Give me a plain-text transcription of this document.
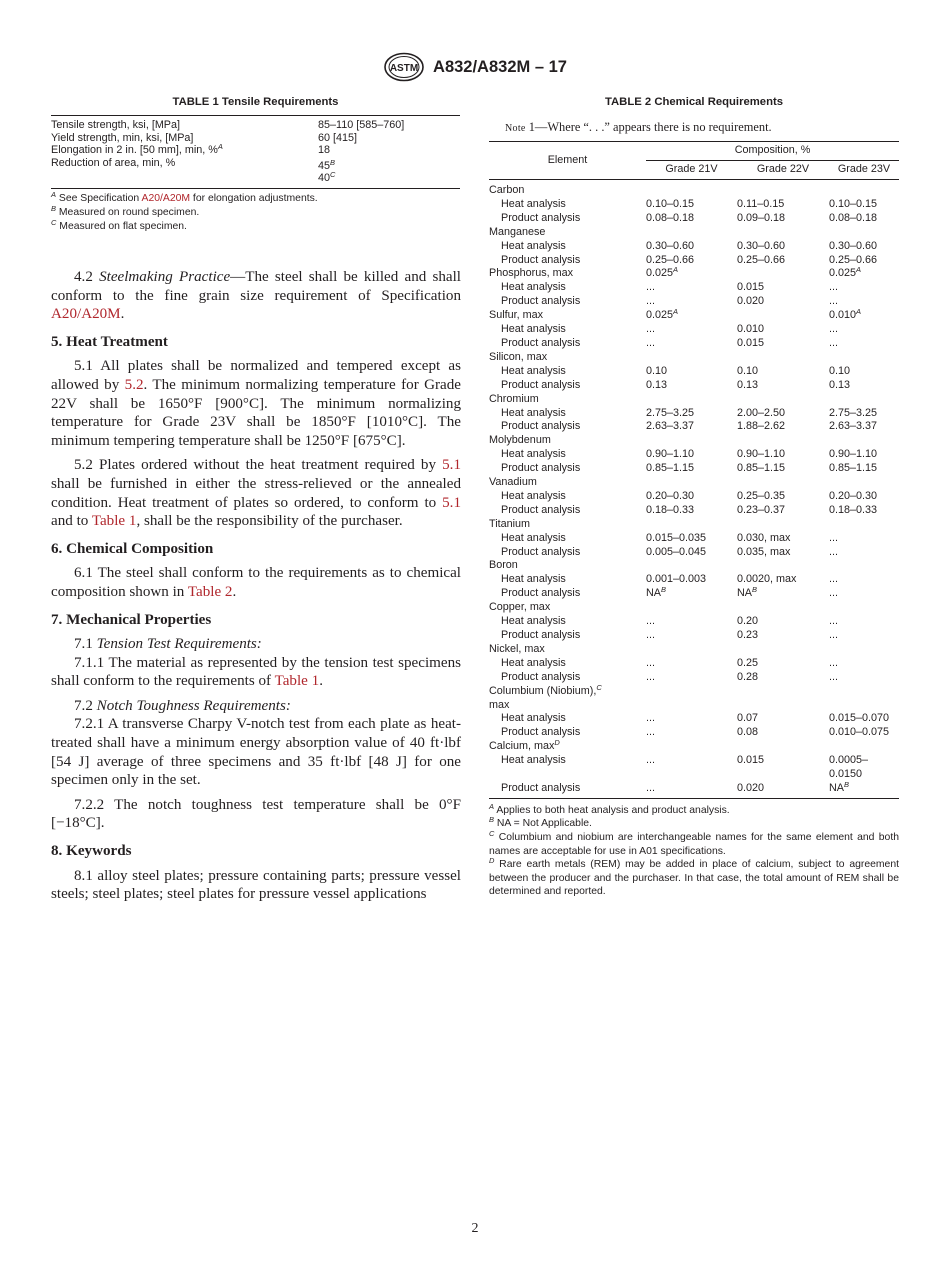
ASTM A832/A832M – 17
TABLE 1 Tensile Requirements
Tensile strength, ksi, [MPa]	85–110 [585–760]
Yield strength, min, ksi, [MPa]	60 [415]
Elongation in 2 in. [50 mm], min, %$^A$	18
Reduction of area, min, %	$45^B$
$40^C$
$^A$ See Specification A20/A20M for elongation adjustments.
$^B$ Measured on round specimen.
$^C$ Measured on flat specimen.

4.2 Steelmaking Practice—The steel shall be killed and shall conform to the fine grain size requirement of Specification A20/A20M.

5. Heat Treatment

5.1 All plates shall be normalized and tempered except as allowed by 5.2. The minimum normalizing temperature for Grade 22V shall be 1650°F [900°C]. The minimum normalizing temperature for Grade 23V shall be 1850°F [1010°C]. The minimum tempering temperature shall be 1250°F [675°C].

5.2 Plates ordered without the heat treatment required by 5.1 shall be furnished in either the stress-relieved or the annealed condition. Heat treatment of plates so ordered, to conform to 5.1 and to Table 1, shall be the responsibility of the purchaser.

6. Chemical Composition

6.1 The steel shall conform to the requirements as to chemical composition shown in Table 2.

7. Mechanical Properties

7.1 Tension Test Requirements:

7.1.1 The material as represented by the tension test specimens shall conform to the requirements of Table 1.

7.2 Notch Toughness Requirements:

7.2.1 A transverse Charpy V-notch test from each plate as heat-treated shall have a minimum energy absorption value of 40 ft·lbf [54 J] average of three specimens and 35 ft·lbf [48 J] for one specimen only in the set.

7.2.2 The notch toughness test temperature shall be 0°F [−18°C].

8. Keywords

8.1 alloy steel plates; pressure containing parts; pressure vessel steels; steel plates; steel plates for pressure vessel applications

TABLE 2 Chemical Requirements
Note 1—Where “. . .” appears there is no requirement.
Element	Composition, %		
	Grade 21V	Grade 22V	Grade 23V

Carbon			
Heat analysis	0.10–0.15	0.11–0.15	0.10–0.15
Product analysis	0.08–0.18	0.09–0.18	0.08–0.18
Manganese			
Heat analysis	0.30–0.60	0.30–0.60	0.30–0.60
Product analysis	0.25–0.66	0.25–0.66	0.25–0.66
Phosphorus, max	$0.025^A$		$0.025^A$
Heat analysis	...	0.015	...
Product analysis	...	0.020	...
Sulfur, max	$0.025^A$		$0.010^A$
Heat analysis	...	0.010	...
Product analysis	...	0.015	...
Silicon, max			
Heat analysis	0.10	0.10	0.10
Product analysis	0.13	0.13	0.13
Chromium			
Heat analysis	2.75–3.25	2.00–2.50	2.75–3.25
Product analysis	2.63–3.37	1.88–2.62	2.63–3.37
Molybdenum			
Heat analysis	0.90–1.10	0.90–1.10	0.90–1.10
Product analysis	0.85–1.15	0.85–1.15	0.85–1.15
Vanadium			
Heat analysis	0.20–0.30	0.25–0.35	0.20–0.30
Product analysis	0.18–0.33	0.23–0.37	0.18–0.33
Titanium			
Heat analysis	0.015–0.035	0.030, max	...
Product analysis	0.005–0.045	0.035, max	...
Boron			
Heat analysis	0.001–0.003	0.0020, max	...
Product analysis	$NA^B$	$NA^B$	...
Copper, max			
Heat analysis	...	0.20	...
Product analysis	...	0.23	...
Nickel, max			
Heat analysis	...	0.25	...
Product analysis	...	0.28	...
Columbium (Niobium),$^C$			
max			
Heat analysis	...	0.07	0.015–0.070
Product analysis	...	0.08	0.010–0.075
Calcium, $\max^D$			
Heat analysis	...	0.015	0.0005–0.0150
Product analysis	...	0.020	$NA^B$
$^A$ Applies to both heat analysis and product analysis.
$^B$ NA = Not Applicable.
$^C$ Columbium and niobium are interchangeable names for the same element and both names are acceptable for use in A01 specifications.
$^D$ Rare earth metals (REM) may be added in place of calcium, subject to agreement between the producer and the purchaser. In that case, the total amount of REM shall be determined and reported.
2
